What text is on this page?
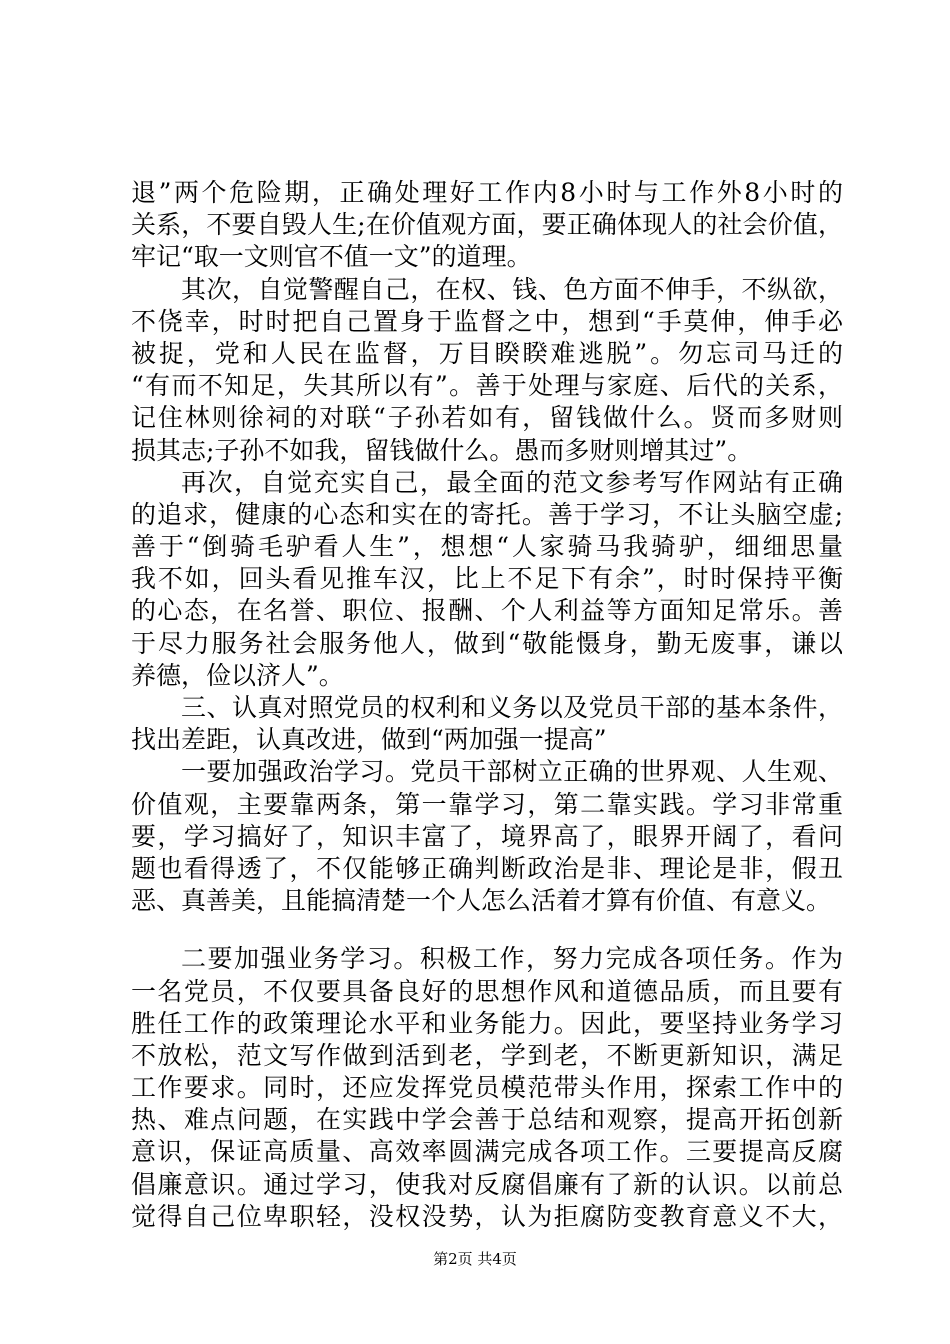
退”两个危险期，正确处理好工作内8小时与工作外8小时的
关系，不要自毁人生;在价值观方面，要正确体现人的社会价值，
牢记“取一文则官不值一文”的道理。
其次，自觉警醒自己，在权、钱、色方面不伸手，不纵欲，
不侥幸，时时把自己置身于监督之中，想到“手莫伸，伸手必
被捉，党和人民在监督，万目睽睽难逃脱”。勿忘司马迁的
“有而不知足，失其所以有”。善于处理与家庭、后代的关系，
记住林则徐祠的对联“子孙若如有，留钱做什么。贤而多财则
损其志;子孙不如我，留钱做什么。愚而多财则增其过”。
再次，自觉充实自己，最全面的范文参考写作网站有正确
的追求，健康的心态和实在的寄托。善于学习，不让头脑空虚;
善于“倒骑毛驴看人生”，想想“人家骑马我骑驴，细细思量
我不如，回头看见推车汉，比上不足下有余”，时时保持平衡
的心态，在名誉、职位、报酬、个人利益等方面知足常乐。善
于尽力服务社会服务他人，做到“敬能慑身，勤无废事，谦以
养德，俭以济人”。
三、认真对照党员的权利和义务以及党员干部的基本条件，
找出差距，认真改进，做到“两加强一提高”
一要加强政治学习。党员干部树立正确的世界观、人生观、
价值观，主要靠两条，第一靠学习，第二靠实践。学习非常重
要，学习搞好了，知识丰富了，境界高了，眼界开阔了，看问
题也看得透了，不仅能够正确判断政治是非、理论是非，假丑
恶、真善美，且能搞清楚一个人怎么活着才算有价值、有意义。
二要加强业务学习。积极工作，努力完成各项任务。作为
一名党员，不仅要具备良好的思想作风和道德品质，而且要有
胜任工作的政策理论水平和业务能力。因此，要坚持业务学习
不放松，范文写作做到活到老，学到老，不断更新知识，满足
工作要求。同时，还应发挥党员模范带头作用，探索工作中的
热、难点问题，在实践中学会善于总结和观察，提高开拓创新
意识，保证高质量、高效率圆满完成各项工作。三要提高反腐
倡廉意识。通过学习，使我对反腐倡廉有了新的认识。以前总
觉得自己位卑职轻，没权没势，认为拒腐防变教育意义不大，
第2页 共4页
